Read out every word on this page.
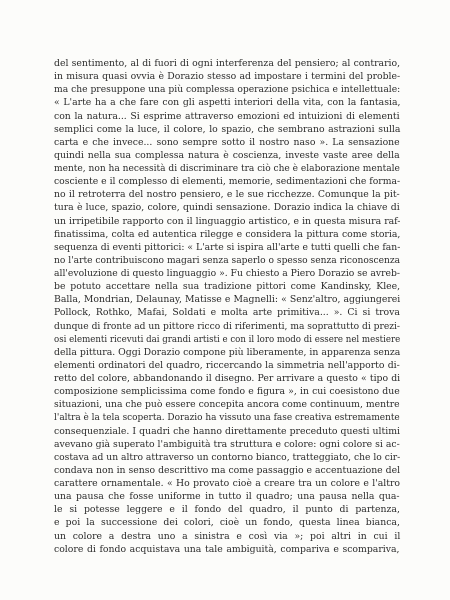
del sentimento, al di fuori di ogni interferenza del pensiero; al contrario,
in misura quasi ovvia è Dorazio stesso ad impostare i termini del proble-
ma che presuppone una più complessa operazione psichica e intellettuale:
« L'arte ha a che fare con gli aspetti interiori della vita, con la fantasia,
con la natura... Si esprime attraverso emozioni ed intuizioni di elementi
semplici come la luce, il colore, lo spazio, che sembrano astrazioni sulla
carta e che invece... sono sempre sotto il nostro naso ». La sensazione
quindi nella sua complessa natura è coscienza, investe vaste aree della
mente, non ha necessità di discriminare tra ciò che è elaborazione mentale
cosciente e il complesso di elementi, memorie, sedimentazioni che forma-
no il retroterra del nostro pensiero, e le sue ricchezze. Comunque la pit-
tura è luce, spazio, colore, quindi sensazione. Dorazio indica la chiave di
un irripetibile rapporto con il linguaggio artistico, e in questa misura raf-
finatissima, colta ed autentica rilegge e considera la pittura come storia,
sequenza di eventi pittorici: « L'arte si ispira all'arte e tutti quelli che fan-
no l'arte contribuiscono magari senza saperlo o spesso senza riconoscenza
all'evoluzione di questo linguaggio ». Fu chiesto a Piero Dorazio se avreb-
be potuto accettare nella sua tradizione pittori come Kandinsky, Klee,
Balla, Mondrian, Delaunay, Matisse e Magnelli: « Senz'altro, aggiungerei
Pollock, Rothko, Mafai, Soldati e molta arte primitiva... ». Ci si trova
dunque di fronte ad un pittore ricco di riferimenti, ma soprattutto di prezi-
osi elementi ricevuti dai grandi artisti e con il loro modo di essere nel mestiere
della pittura. Oggi Dorazio compone più liberamente, in apparenza senza
elementi ordinatori del quadro, riccercando la simmetria nell'apporto di-
retto del colore, abbandonando il disegno. Per arrivare a questo « tipo di
composizione semplicissima come fondo e figura », in cui coesistono due
situazioni, una che può essere concepita ancora come continuum, mentre
l'altra è la tela scoperta. Dorazio ha vissuto una fase creativa estremamente
consequenziale. I quadri che hanno direttamente preceduto questi ultimi
avevano già superato l'ambiguità tra struttura e colore: ogni colore si ac-
costava ad un altro attraverso un contorno bianco, tratteggiato, che lo cir-
condava non in senso descrittivo ma come passaggio e accentuazione del
carattere ornamentale. « Ho provato cioè a creare tra un colore e l'altro
una pausa che fosse uniforme in tutto il quadro; una pausa nella qua-
le si potesse leggere e il fondo del quadro, il punto di partenza,
e poi la successione dei colori, cioè un fondo, questa linea bianca,
un colore a destra uno a sinistra e così via »; poi altri in cui il
colore di fondo acquistava una tale ambiguità, compariva e scompariva,
